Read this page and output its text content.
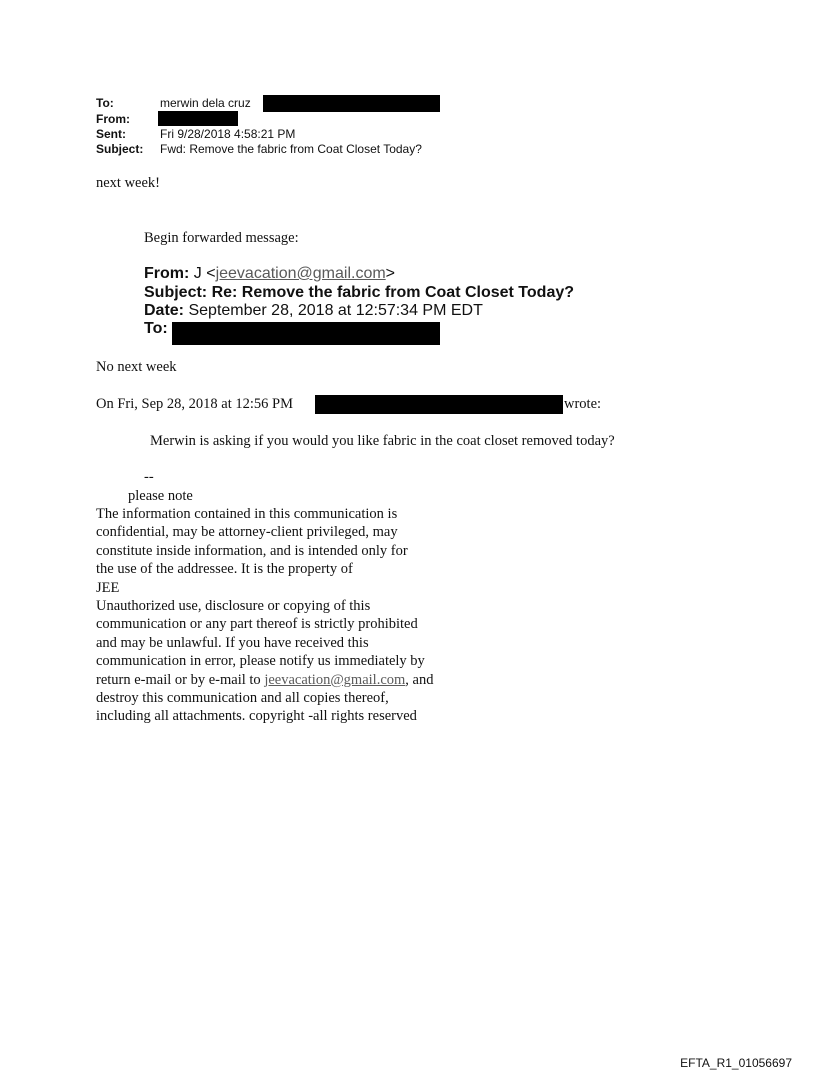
To:	merwin dela cruz
From:
Sent:	Fri 9/28/2018 4:58:21 PM
Subject: Fwd: Remove the fabric from Coat Closet Today?
next week!
Begin forwarded message:
From: J <jeevacation@gmail.com>
Subject: Re: Remove the fabric from Coat Closet Today?
Date: September 28, 2018 at 12:57:34 PM EDT
To:
No next week
On Fri, Sep 28, 2018 at 12:56 PM	wrote:
Merwin is asking if you would you like fabric in the coat closet removed today?
--
please note
The information contained in this communication is
confidential, may be attorney-client privileged, may
constitute inside information, and is intended only for
the use of the addressee. It is the property of
JEE
Unauthorized use, disclosure or copying of this
communication or any part thereof is strictly prohibited
and may be unlawful. If you have received this
communication in error, please notify us immediately by
return e-mail or by e-mail to jeevacation@gmail.com, and
destroy this communication and all copies thereof,
including all attachments. copyright -all rights reserved
EFTA_R1_01056697
